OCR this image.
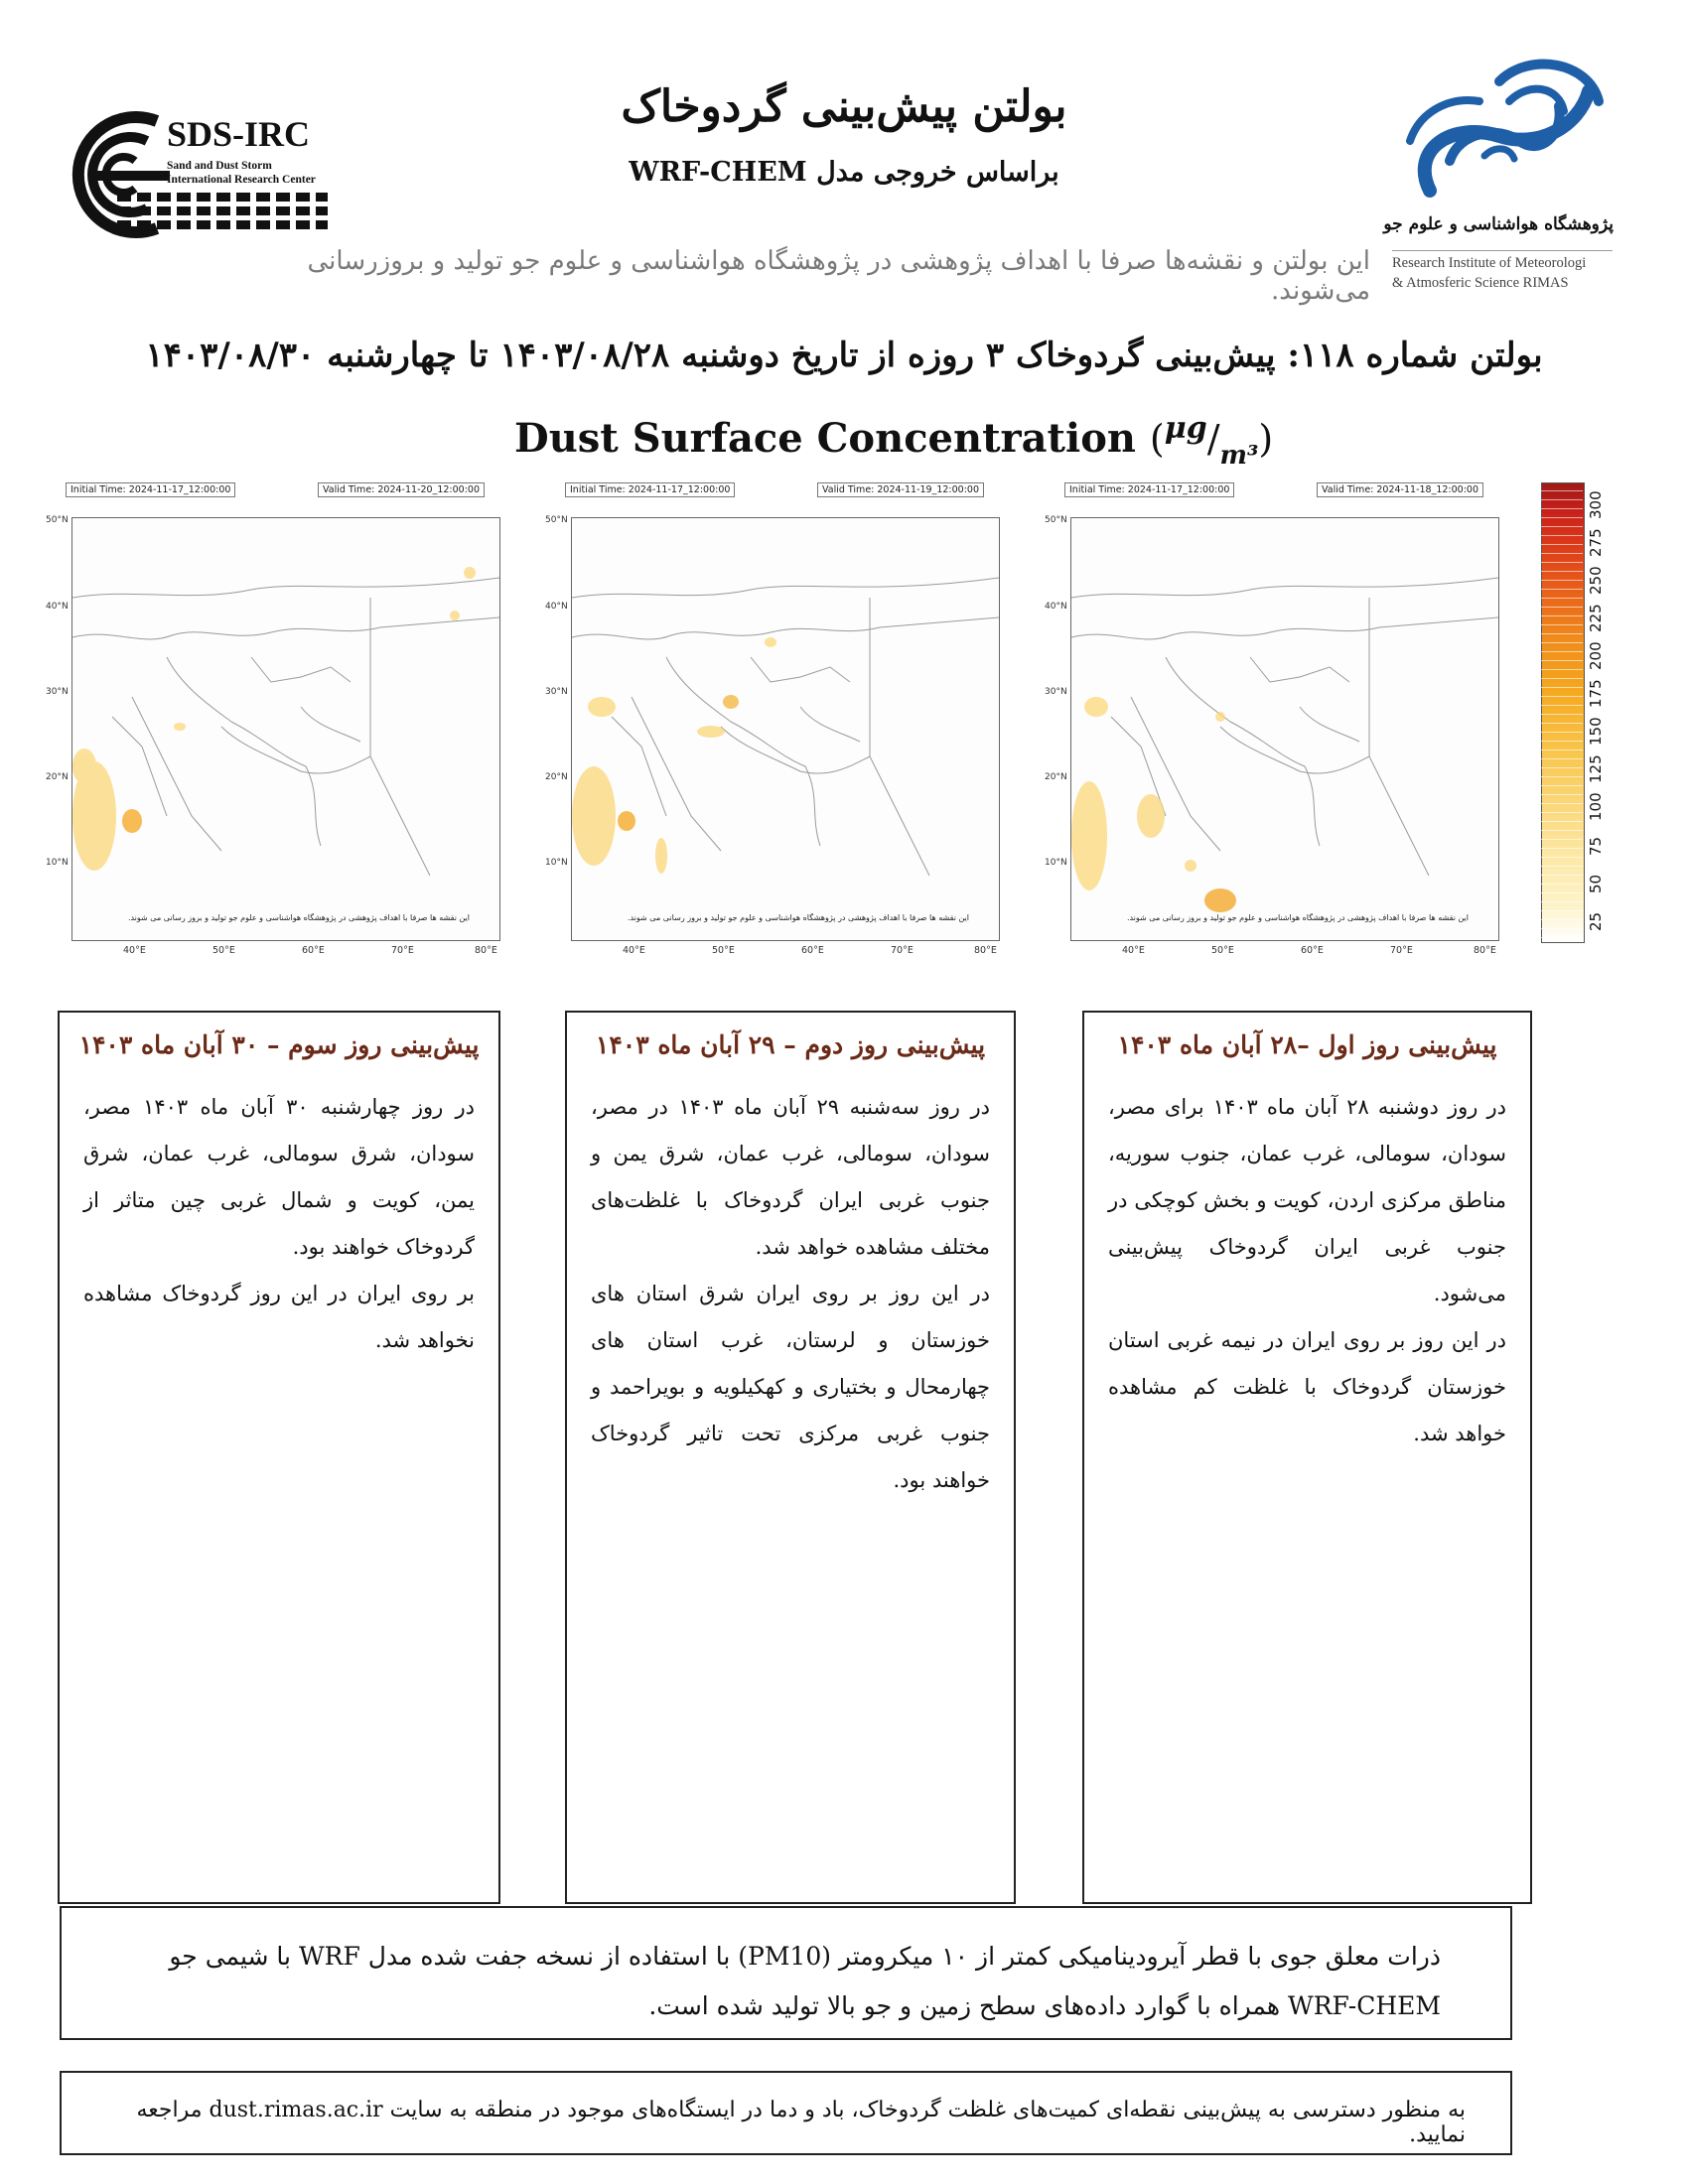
بولتن پیش‌بینی گردوخاک
براساس خروجی مدل WRF-CHEM
این بولتن و نقشه‌ها صرفا با اهداف پژوهشی در پژوهشگاه هواشناسی و علوم جو تولید و بروزرسانی می‌شوند.
SDS-IRC
Sand and Dust Storm
International Research Center
پژوهشگاه هواشناسی و علوم جو
Research Institute of Meteorologi
& Atmosferic Science RIMAS
بولتن شماره ۱۱۸: پیش‌بینی گردوخاک ۳ روزه از تاریخ دوشنبه ۱۴۰۳/۰۸/۲۸ تا چهارشنبه ۱۴۰۳/۰۸/۳۰
Dust Surface Concentration $(^{\mu g}/_{m^3})$
Initial Time: 2024-11-17_12:00:00	Valid Time: 2024-11-20_12:00:00
این نقشه ها صرفا با اهداف پژوهشی در پژوهشگاه هواشناسی و علوم جو تولید و بروز رسانی می شوند.
50°N
40°N
30°N
20°N
10°N
40°E	50°E	60°E	70°E	80°E
Initial Time: 2024-11-17_12:00:00	Valid Time: 2024-11-19_12:00:00
این نقشه ها صرفا با اهداف پژوهشی در پژوهشگاه هواشناسی و علوم جو تولید و بروز رسانی می شوند.
50°N
40°N
30°N
20°N
10°N
40°E	50°E	60°E	70°E	80°E
Initial Time: 2024-11-17_12:00:00	Valid Time: 2024-11-18_12:00:00
این نقشه ها صرفا با اهداف پژوهشی در پژوهشگاه هواشناسی و علوم جو تولید و بروز رسانی می شوند.
50°N
40°N
30°N
20°N
10°N
40°E	50°E	60°E	70°E	80°E
25
50
75
100
125
150
175
200
225
250
275
300
پیش‌بینی روز سوم – ۳۰ آبان ماه ۱۴۰۳

در روز چهارشنبه ۳۰ آبان ماه ۱۴۰۳ مصر، سودان، شرق سومالی، غرب عمان، شرق یمن، کویت و شمال غربی چین متاثر از گردوخاک خواهند بود.

بر روی ایران در این روز گردوخاک مشاهده نخواهد شد.

پیش‌بینی روز دوم – ۲۹ آبان ماه ۱۴۰۳

در روز سه‌شنبه ۲۹ آبان ماه ۱۴۰۳ در مصر، سودان، سومالی، غرب عمان، شرق یمن و جنوب غربی ایران گردوخاک با غلظت‌های مختلف مشاهده خواهد شد.

در این روز بر روی ایران شرق استان های خوزستان و لرستان، غرب استان های چهارمحال و بختیاری و کهکیلویه و بویراحمد و جنوب غربی مرکزی تحت تاثیر گردوخاک خواهند بود.

پیش‌بینی روز اول –۲۸ آبان ماه ۱۴۰۳

در روز دوشنبه ۲۸ آبان ماه ۱۴۰۳ برای مصر، سودان، سومالی، غرب عمان، جنوب سوریه، مناطق مرکزی اردن، کویت و بخش کوچکی در جنوب غربی ایران گردوخاک پیش‌بینی می‌شود.

در این روز بر روی ایران در نیمه غربی استان خوزستان گردوخاک با غلظت کم مشاهده خواهد شد.

ذرات معلق جوی با قطر آیرودینامیکی کمتر از ۱۰ میکرومتر (PM10) با استفاده از نسخه جفت شده مدل WRF با شیمی جو WRF-CHEM همراه با گوارد داده‌های سطح زمین و جو بالا تولید شده است.
به منظور دسترسی به پیش‌بینی نقطه‌ای کمیت‌های غلظت گردوخاک، باد و دما در ایستگاه‌های موجود در منطقه به سایت dust.rimas.ac.ir مراجعه نمایید.
